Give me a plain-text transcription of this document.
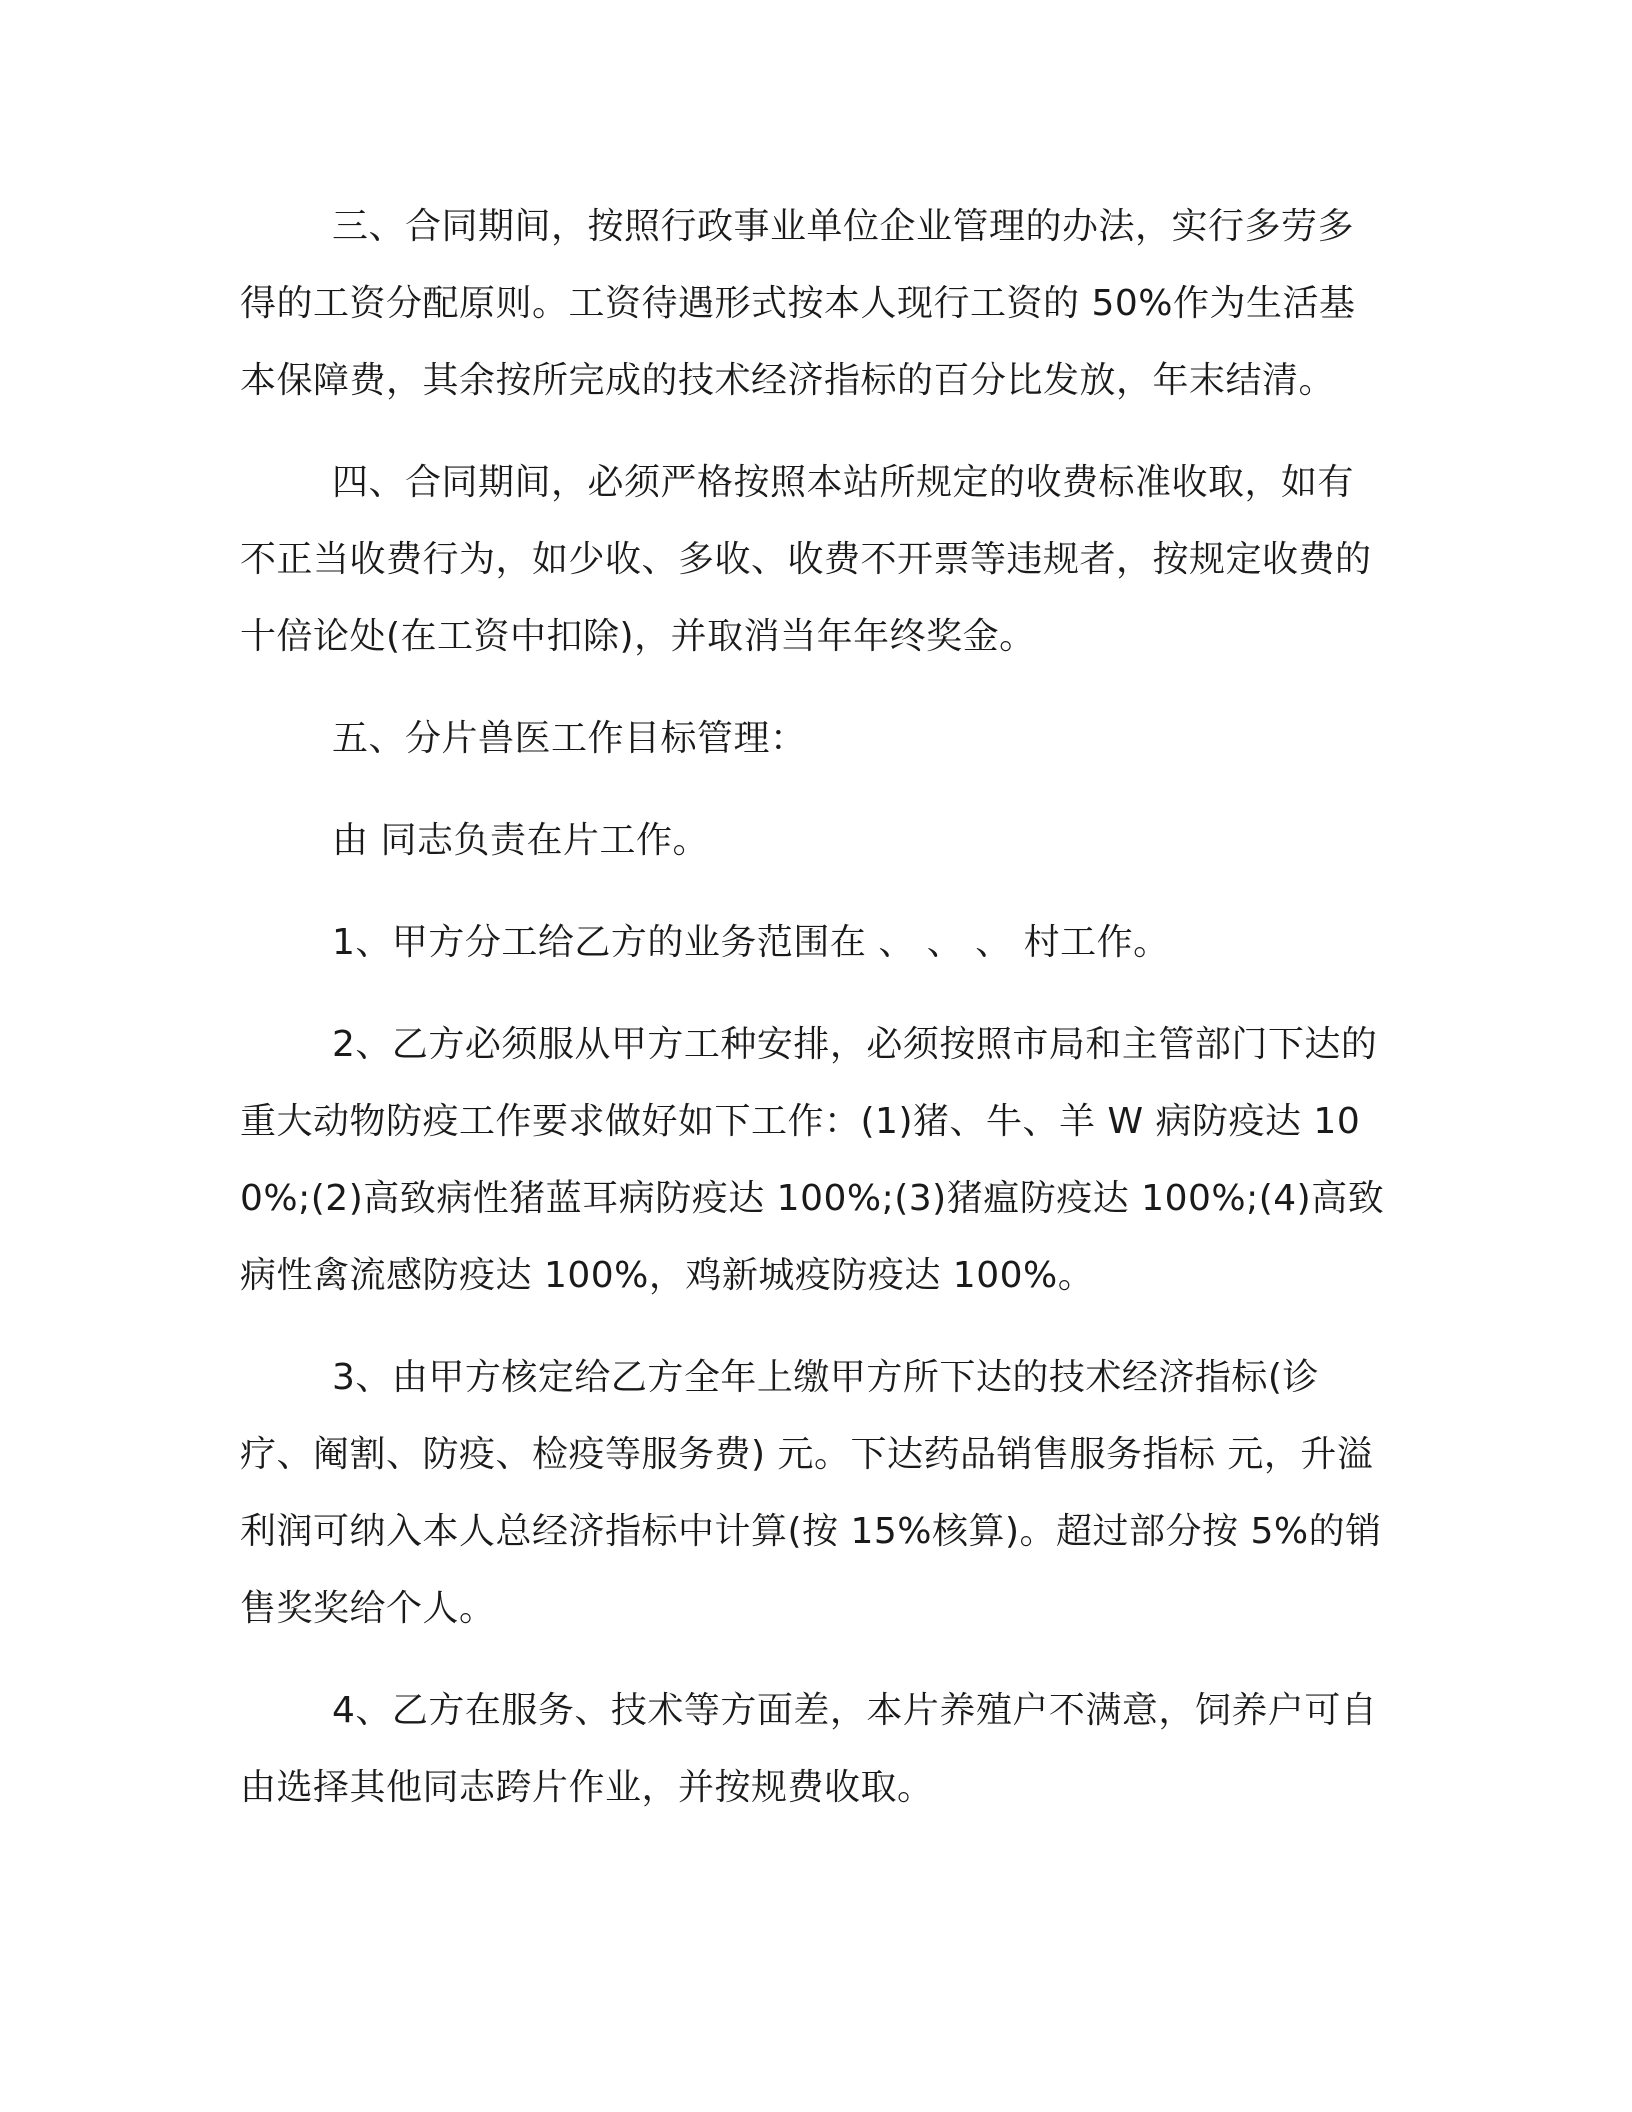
三、合同期间，按照行政事业单位企业管理的办法，实行多劳多得的工资分配原则。工资待遇形式按本人现行工资的 50%作为生活基本保障费，其余按所完成的技术经济指标的百分比发放，年末结清。

四、合同期间，必须严格按照本站所规定的收费标准收取，如有不正当收费行为，如少收、多收、收费不开票等违规者，按规定收费的十倍论处(在工资中扣除)，并取消当年年终奖金。

五、分片兽医工作目标管理：

由 同志负责在片工作。

1、甲方分工给乙方的业务范围在 、 、 、 村工作。

2、乙方必须服从甲方工种安排，必须按照市局和主管部门下达的重大动物防疫工作要求做好如下工作：(1)猪、牛、羊 W 病防疫达 100%;(2)高致病性猪蓝耳病防疫达 100%;(3)猪瘟防疫达 100%;(4)高致病性禽流感防疫达 100%，鸡新城疫防疫达 100%。

3、由甲方核定给乙方全年上缴甲方所下达的技术经济指标(诊疗、阉割、防疫、检疫等服务费) 元。下达药品销售服务指标 元，升溢利润可纳入本人总经济指标中计算(按 15%核算)。超过部分按 5%的销售奖奖给个人。

4、乙方在服务、技术等方面差，本片养殖户不满意，饲养户可自由选择其他同志跨片作业，并按规费收取。
